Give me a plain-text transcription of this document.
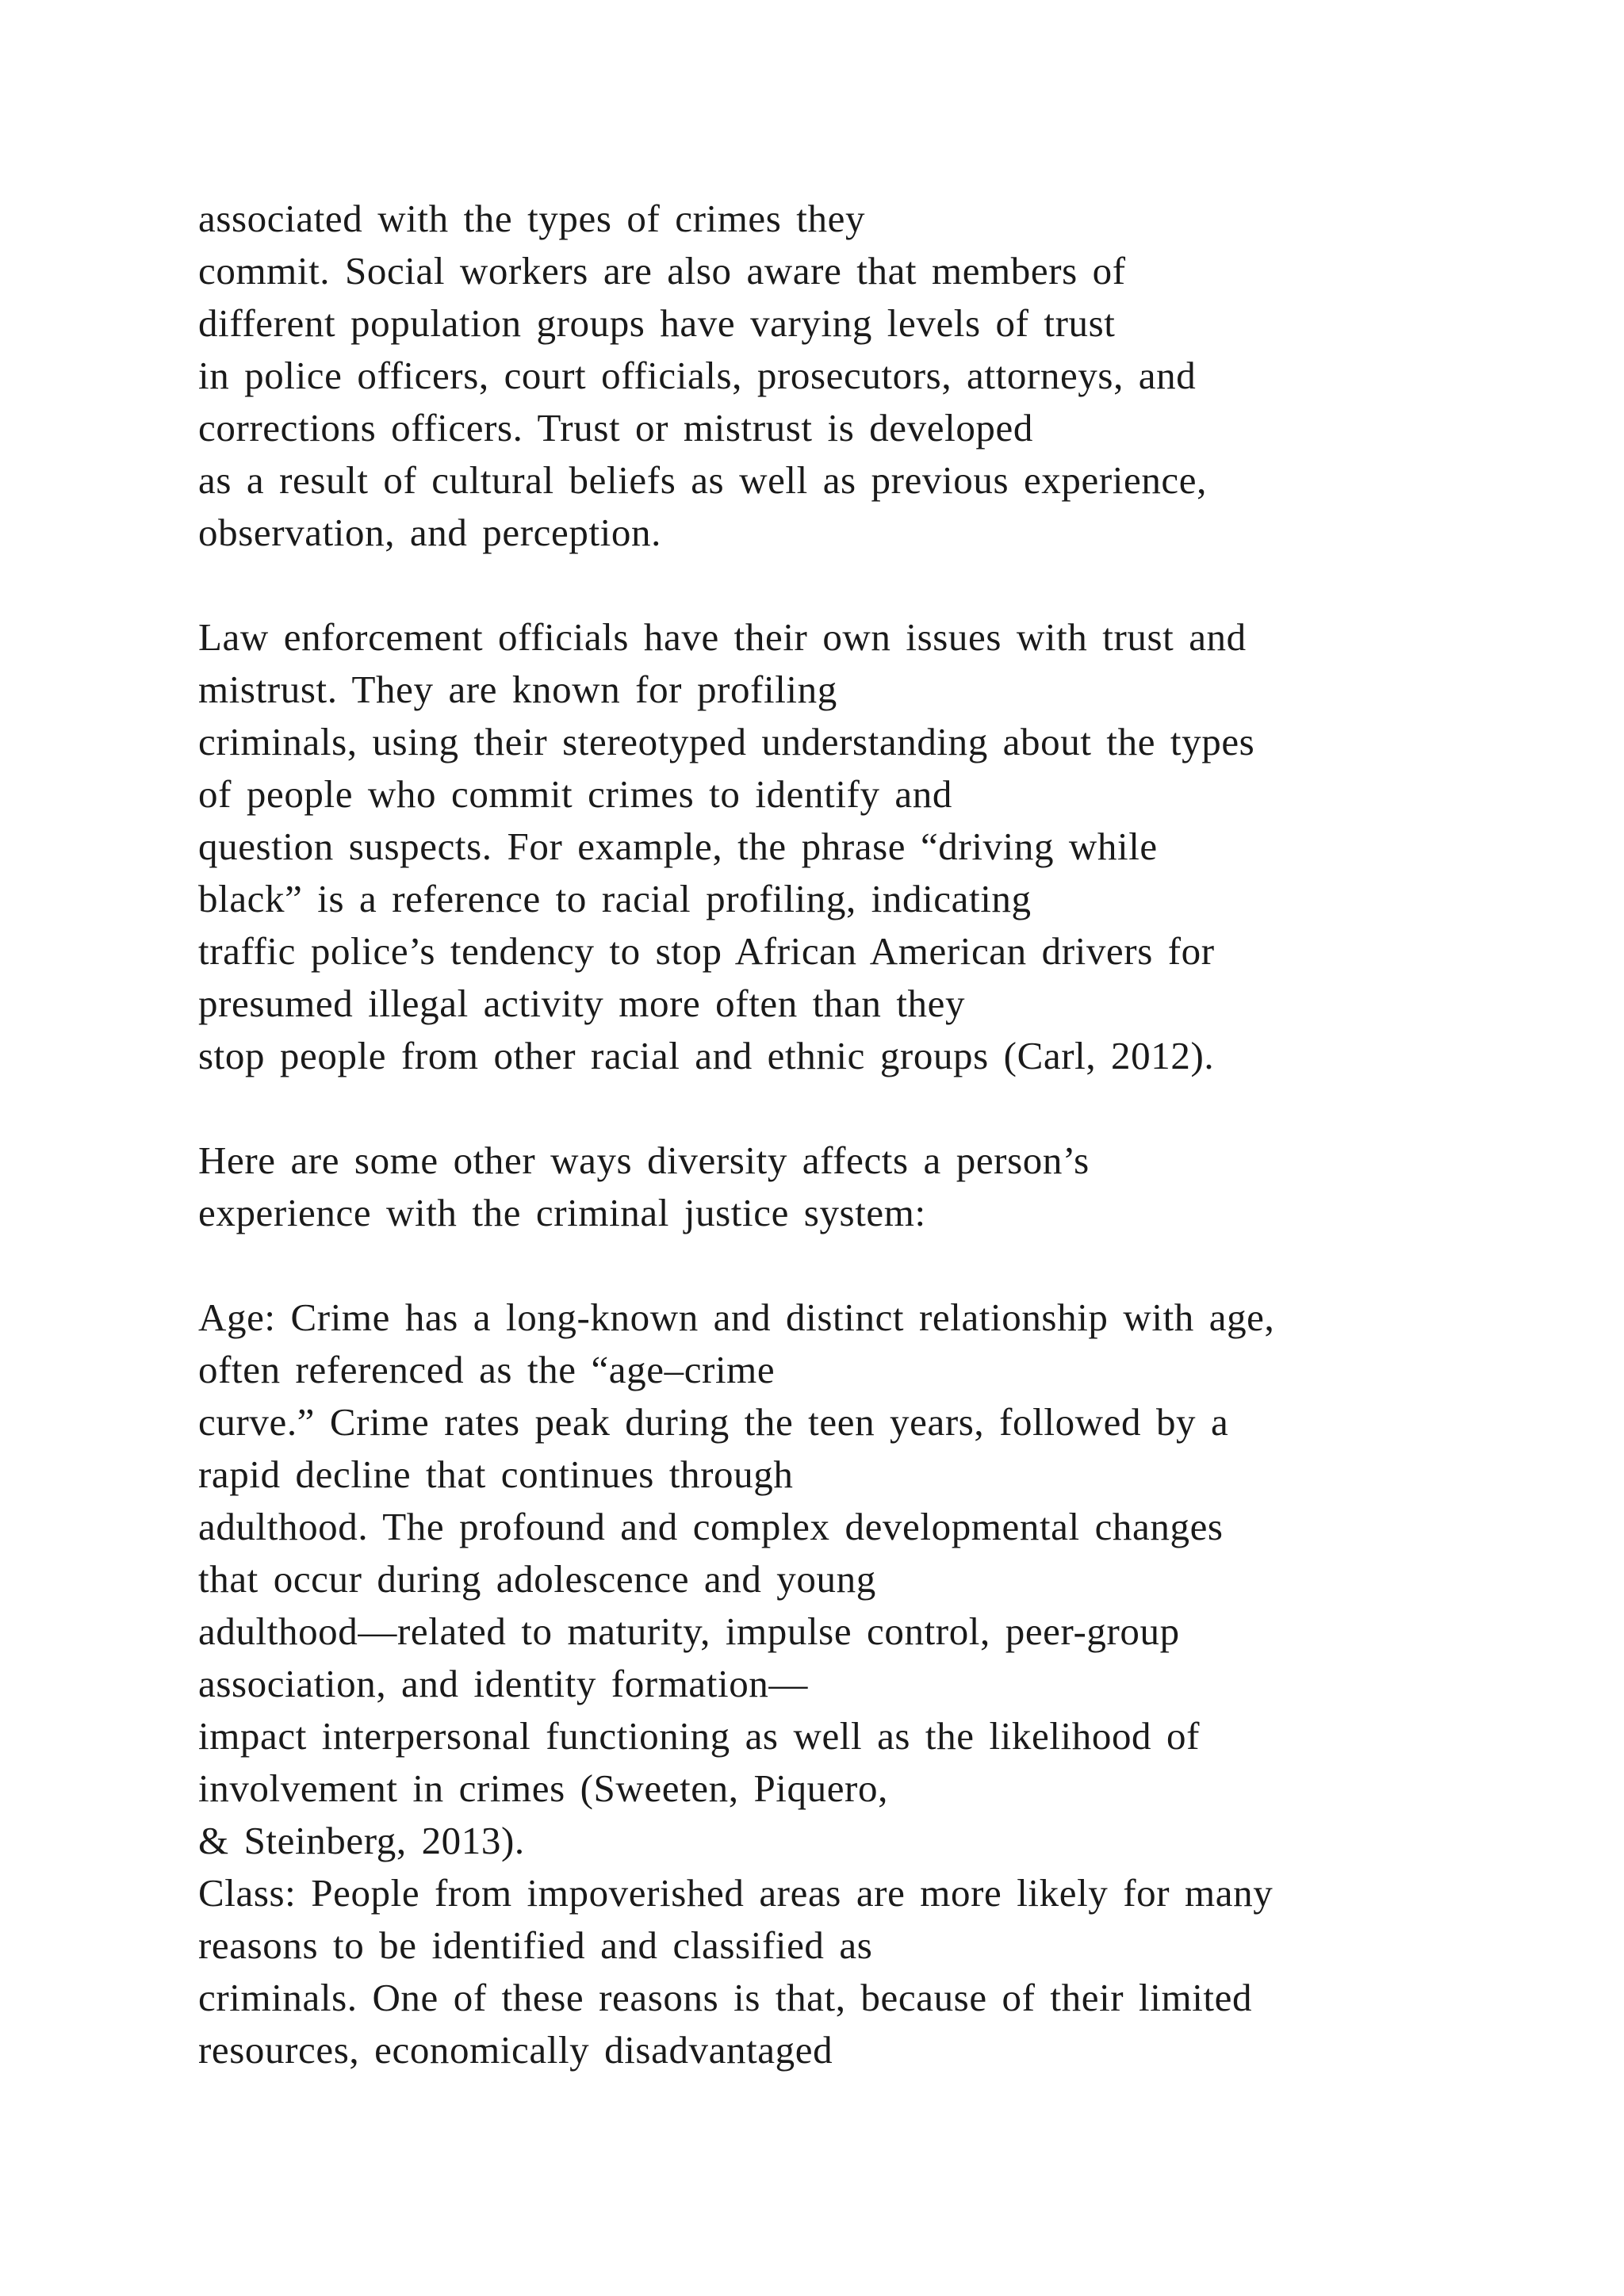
associated with the types of crimes they
commit. Social workers are also aware that members of
different population groups have varying levels of trust
in police officers, court officials, prosecutors, attorneys, and
corrections officers. Trust or mistrust is developed
as a result of cultural beliefs as well as previous experience,
observation, and perception.
Law enforcement officials have their own issues with trust and
mistrust. They are known for profiling
criminals, using their stereotyped understanding about the types
of people who commit crimes to identify and
question suspects. For example, the phrase “driving while
black” is a reference to racial profiling, indicating
traffic police’s tendency to stop African American drivers for
presumed illegal activity more often than they
stop people from other racial and ethnic groups (Carl, 2012).
Here are some other ways diversity affects a person’s
experience with the criminal justice system:
Age: Crime has a long-known and distinct relationship with age,
often referenced as the “age–crime
curve.” Crime rates peak during the teen years, followed by a
rapid decline that continues through
adulthood. The profound and complex developmental changes
that occur during adolescence and young
adulthood—related to maturity, impulse control, peer-group
association, and identity formation—
impact interpersonal functioning as well as the likelihood of
involvement in crimes (Sweeten, Piquero,
& Steinberg, 2013).
Class: People from impoverished areas are more likely for many
reasons to be identified and classified as
criminals. One of these reasons is that, because of their limited
resources, economically disadvantaged
